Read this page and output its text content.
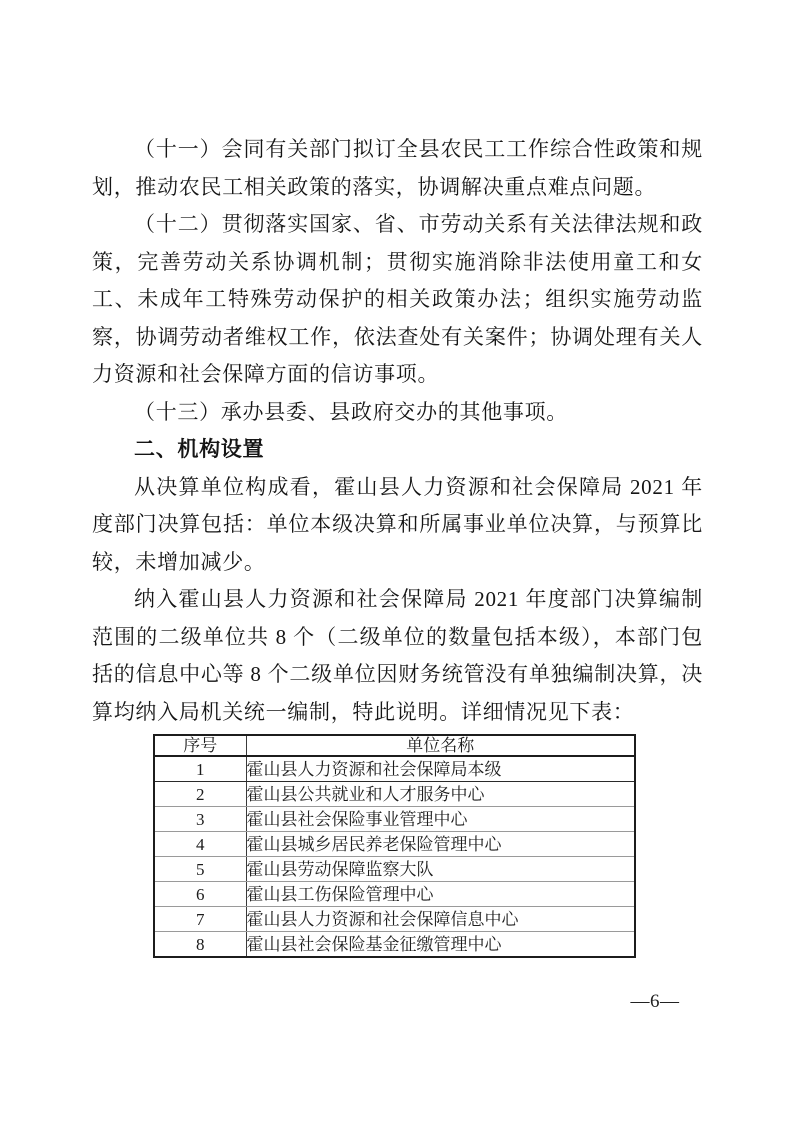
（十一）会同有关部门拟订全县农民工工作综合性政策和规划，推动农民工相关政策的落实，协调解决重点难点问题。

（十二）贯彻落实国家、省、市劳动关系有关法律法规和政策，完善劳动关系协调机制；贯彻实施消除非法使用童工和女工、未成年工特殊劳动保护的相关政策办法；组织实施劳动监察，协调劳动者维权工作，依法查处有关案件；协调处理有关人力资源和社会保障方面的信访事项。

（十三）承办县委、县政府交办的其他事项。

二、机构设置

从决算单位构成看，霍山县人力资源和社会保障局 2021 年度部门决算包括：单位本级决算和所属事业单位决算，与预算比较，未增加减少。

纳入霍山县人力资源和社会保障局 2021 年度部门决算编制范围的二级单位共 8 个（二级单位的数量包括本级），本部门包括的信息中心等 8 个二级单位因财务统管没有单独编制决算，决算均纳入局机关统一编制，特此说明。详细情况见下表：

序号	单位名称
1	霍山县人力资源和社会保障局本级
2	霍山县公共就业和人才服务中心
3	霍山县社会保险事业管理中心
4	霍山县城乡居民养老保险管理中心
5	霍山县劳动保障监察大队
6	霍山县工伤保险管理中心
7	霍山县人力资源和社会保障信息中心
8	霍山县社会保险基金征缴管理中心
—6—
